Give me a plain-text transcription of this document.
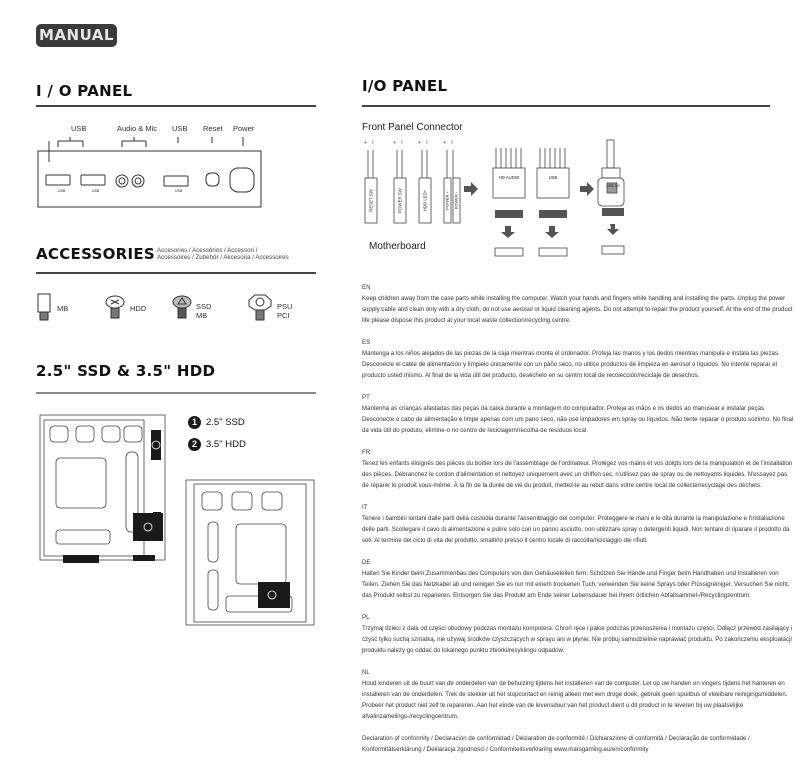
MANUAL
I / O PANEL
USB	Audio & Mic USB Reset Power
USB	USB	USB
ACCESSORIES Accesorios / Acessórios / Accessori /
Accessoires / Zubehör / Akcesoria / Accessoires
MB	HDD	SSD
MB
PSU
PCI
2.5" SSD & 3.5" HDD
1 2.5" SSD
2 3.5" HDD
I/O PANEL
Front Panel Connector
Motherboard
+ I	+ I	+ I	+ I
RESET SW	POWER SW	HDD LED+	POWER + POWER -
HD AUDIO	USB
USB 3.0

EN
Keep children away from the case parts while installing the computer. Watch your hands and fingers while handling and installing the parts. Unplug the power supply cable and clean only with a dry cloth, do not use aerosol or liquid cleaning agents. Do not attempt to repair the product yourself. At the end of the product life please dispose this product at your local waste collection/recycling centre.

ES
Mantenga a los niños alejados de las piezas de la caja mientras monta el ordenador. Proteja las manos y los dedos mientras manipula e instala las piezas. Desconecte el cable de alimentación y límpielo únicamente con un paño seco, no utilice productos de limpieza en aerosol o líquidos. No intente reparar el producto usted mismo. Al final de la vida útil del producto, deséchelo en su centro local de recolección/reciclaje de desechos.

PT
Mantenha as crianças afastadas das peças da caixa durante a montagem do computador. Proteja as mãos e os dedos ao manusear e instalar peças. Desconecte o cabo de alimentação e limpe apenas com um pano seco, não use limpadores em spray ou líquidos. Não tente reparar o produto sozinho. No final da vida útil do produto, elimine-o no centro de reciclagem/recolha de resíduos local.

FR
Tenez les enfants éloignés des pièces du boîtier lors de l'assemblage de l'ordinateur. Protégez vos mains et vos doigts lors de la manipulation et de l'installation des pièces. Débranchez le cordon d'alimentation et nettoyez uniquement avec un chiffon sec, n'utilisez pas de spray ou de nettoyants liquides. N'essayez pas de réparer le produit vous-même. À la fin de la durée de vie du produit, mettez-le au rebut dans votre centre local de collecte/recyclage des déchets.

IT
Tenere i bambini lontani dalle parti della custodia durante l'assemblaggio del computer. Proteggere le mani e le dita durante la manipolazione e l'installazione delle parti. Scollegare il cavo di alimentazione e pulire solo con un panno asciutto, non utilizzare spray o detergenti liquidi. Non tentare di riparare il prodotto da soli. Al termine del ciclo di vita del prodotto, smaltirlo presso il centro locale di raccolta/riciclaggio dei rifiuti.

DE
Halten Sie Kinder beim Zusammenbau des Computers von den Gehäuseteilen fern. Schützen Sie Hände und Finger beim Handhaben und Installieren von Teilen. Ziehen Sie das Netzkabel ab und reinigen Sie es nur mit einem trockenen Tuch, verwenden Sie keine Sprays oder Flüssigreiniger. Versuchen Sie nicht, das Produkt selbst zu reparieren. Entsorgen Sie das Produkt am Ende seiner Lebensdauer bei Ihrem örtlichen Abfallsammel-/Recyclingzentrum.

PL
Trzymaj dzieci z dala od części obudowy podczas montażu komputera. Chroń ręce i palce podczas przenoszenia i montażu części. Odłącz przewód zasilający i czyść tylko suchą szmatką, nie używaj środków czyszczących w sprayu ani w płynie. Nie próbuj samodzielnie naprawiać produktu. Po zakończeniu eksploatacji produktu należy go oddać do lokalnego punktu zbiórki/recyklingu odpadów.

NL
Houd kinderen uit de buurt van de onderdelen van de behuizing tijdens het installeren van de computer. Let op uw handen en vingers tijdens het hanteren en installeren van de onderdelen. Trek de stekker uit het stopcontact en reinig alleen met een droge doek, gebruik geen spuitbus of vloeibare reinigingsmiddelen. Probeer het product niet zelf te repareren. Aan het einde van de levensduur van het product dient u dit product in te leveren bij uw plaatselijke afvalinzamelings-/recyclingcentrum.

Declaration of conformity / Declaración de conformidad / Déclaration de conformité / Dichiarazione di conformità / Declaração de conformidade / Konformitätserklärung / Deklaracja zgodności / Conformiteitsverklaring www.marsgaming.eu/en/conformity
